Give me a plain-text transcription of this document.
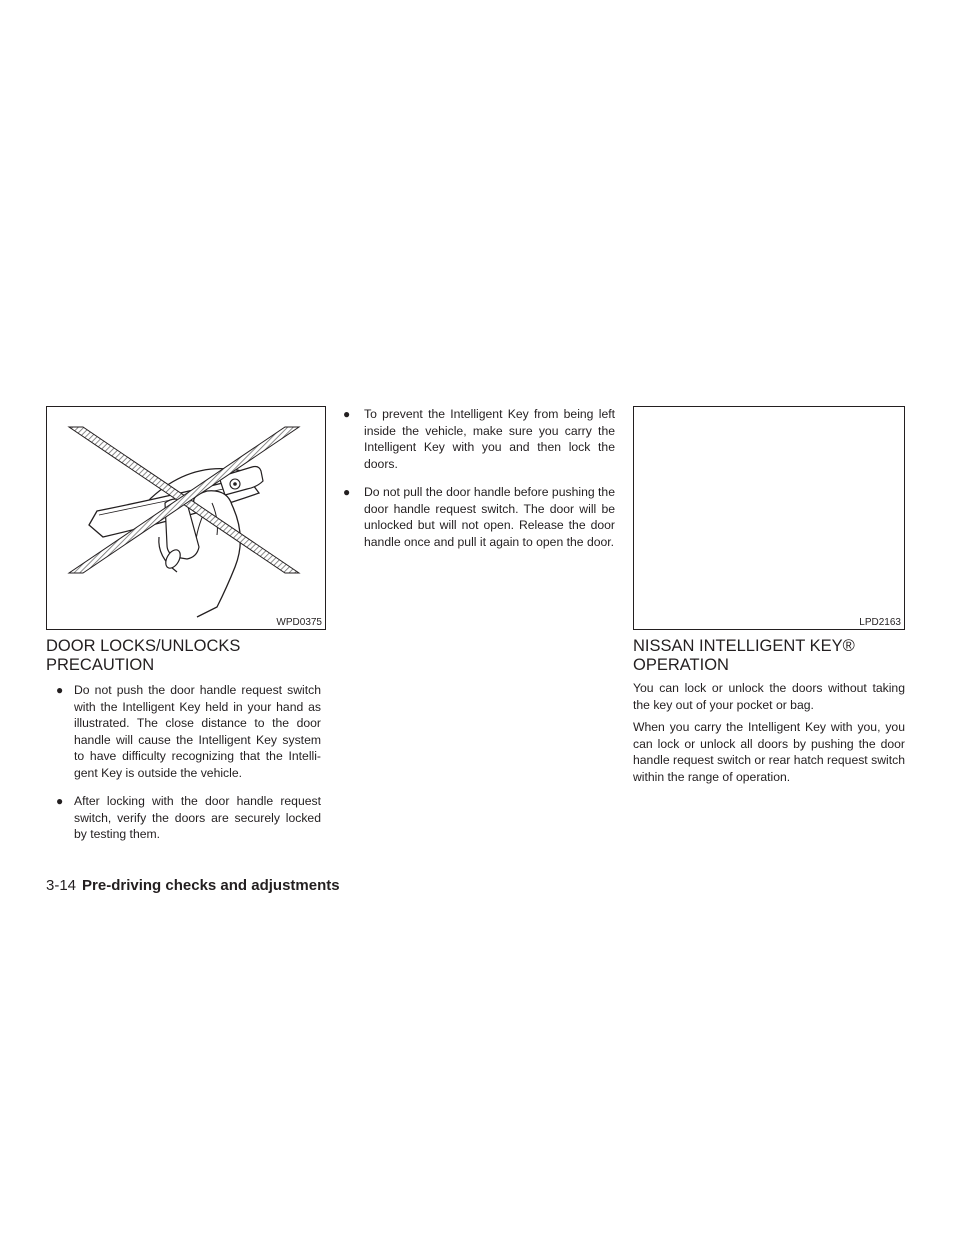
WPD0375	LPD2163
DOOR LOCKS/UNLOCKS PRECAUTION
● Do not push the door handle request switch with the Intelligent Key held in your hand as illustrated. The close distance to the door handle will cause the Intelligent Key system to have difficulty recognizing that the Intelli-gent Key is outside the vehicle.
● After locking with the door handle request switch, verify the doors are securely locked by testing them.
● To prevent the Intelligent Key from being left inside the vehicle, make sure you carry the Intelligent Key with you and then lock the doors.
● Do not pull the door handle before pushing the door handle request switch. The door will be unlocked but will not open. Release the door handle once and pull it again to open the door.
NISSAN INTELLIGENT KEY® OPERATION

You can lock or unlock the doors without taking the key out of your pocket or bag.

When you carry the Intelligent Key with you, you can lock or unlock all doors by pushing the door handle request switch or rear hatch request switch within the range of operation.

3-14 Pre-driving checks and adjustments
